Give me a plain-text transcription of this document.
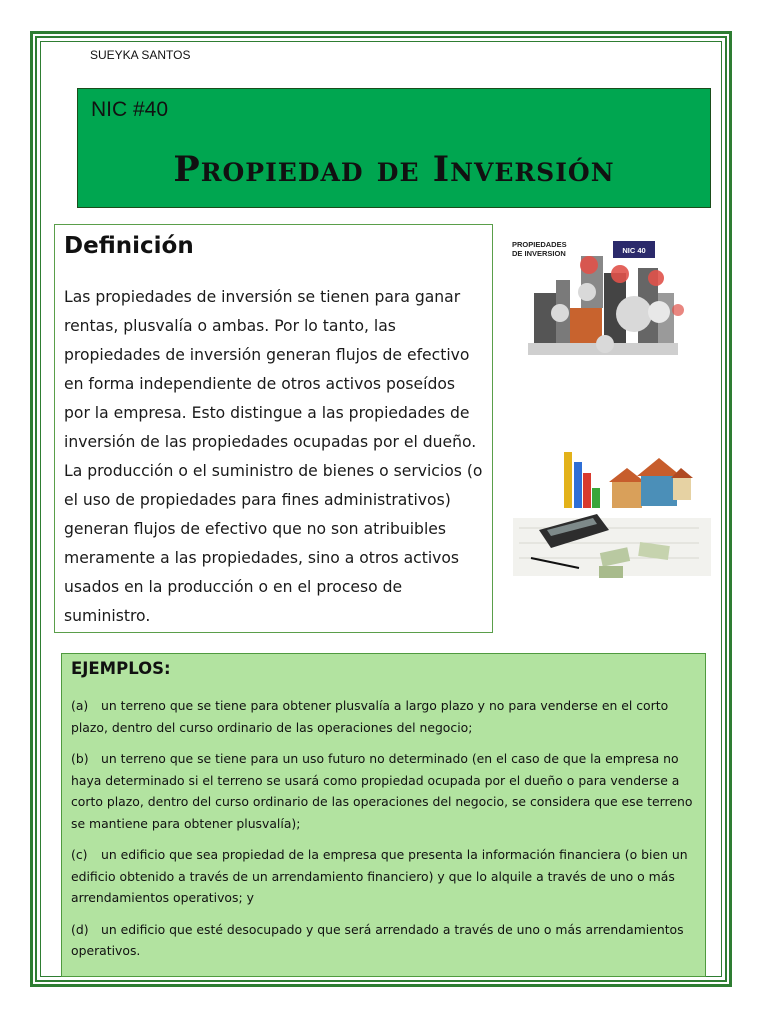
SUEYKA SANTOS
NIC #40
Propiedad de Inversión
Definición

Las propiedades de inversión se tienen para ganar rentas, plusvalía o ambas. Por lo tanto, las propiedades de inversión generan flujos de efectivo en forma independiente de otros activos poseídos por la empresa. Esto distingue a las propiedades de inversión de las propiedades ocupadas por el dueño. La producción o el suministro de bienes o servicios (o el uso de propiedades para fines administrativos) generan flujos de efectivo que no son atribuibles meramente a las propiedades, sino a otros activos usados en la producción o en el proceso de suministro.

PROPIEDADES
DE INVERSION	NIC 40
EJEMPLOS:

(a) un terreno que se tiene para obtener plusvalía a largo plazo y no para venderse en el corto plazo, dentro del curso ordinario de las operaciones del negocio;

(b) un terreno que se tiene para un uso futuro no determinado (en el caso de que la empresa no haya determinado si el terreno se usará como propiedad ocupada por el dueño o para venderse a corto plazo, dentro del curso ordinario de las operaciones del negocio, se considera que ese terreno se mantiene para obtener plusvalía);

(c) un edificio que sea propiedad de la empresa que presenta la información financiera (o bien un edificio obtenido a través de un arrendamiento financiero) y que lo alquile a través de uno o más arrendamientos operativos; y

(d) un edificio que esté desocupado y que será arrendado a través de uno o más arrendamientos operativos.
